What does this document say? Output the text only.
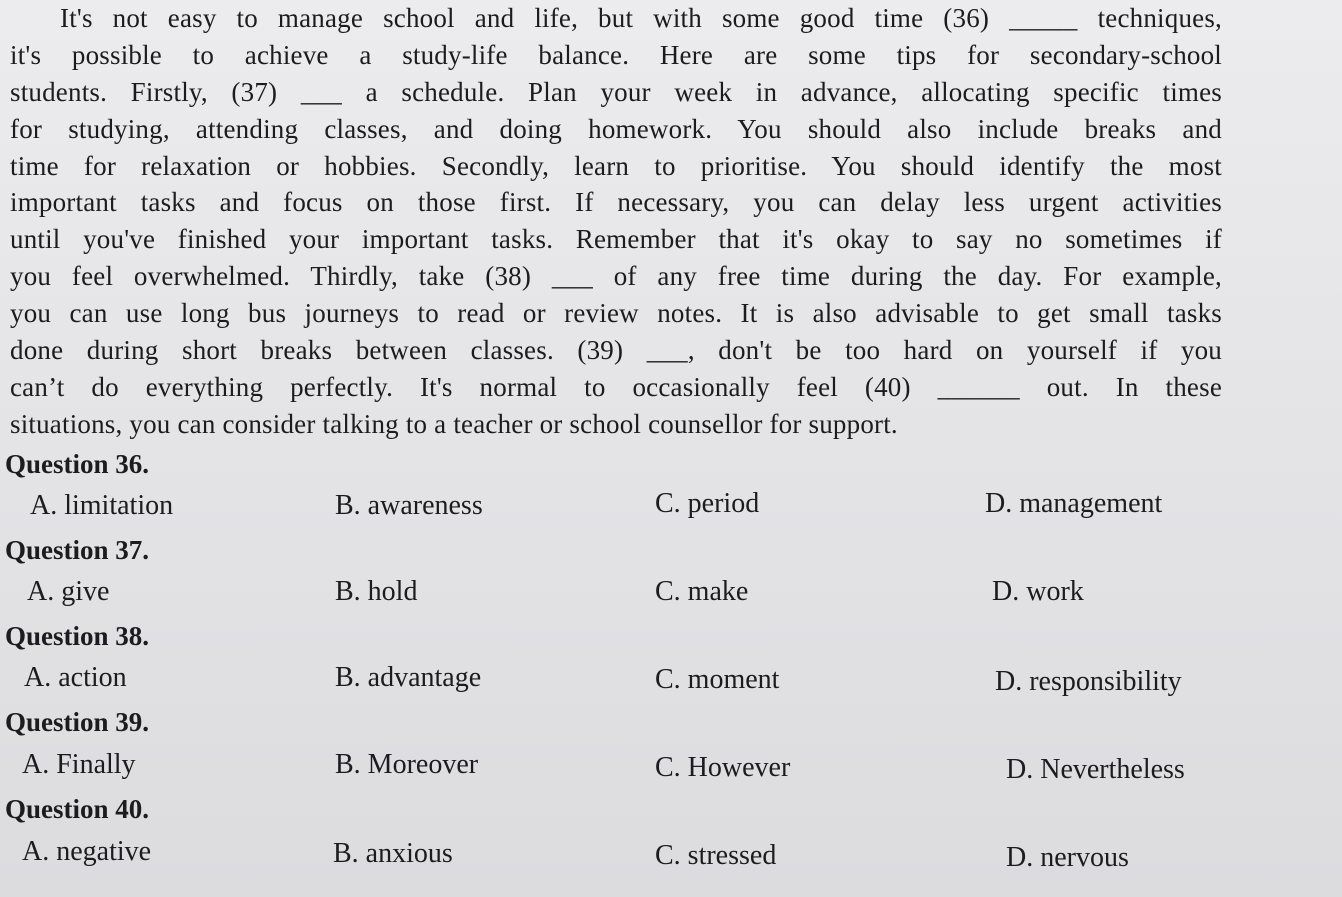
It's not easy to manage school and life, but with some good time (36) _____ techniques,
it's possible to achieve a study-life balance. Here are some tips for secondary-school
students. Firstly, (37) ___ a schedule. Plan your week in advance, allocating specific times
for studying, attending classes, and doing homework. You should also include breaks and
time for relaxation or hobbies. Secondly, learn to prioritise. You should identify the most
important tasks and focus on those first. If necessary, you can delay less urgent activities
until you've finished your important tasks. Remember that it's okay to say no sometimes if
you feel overwhelmed. Thirdly, take (38) ___ of any free time during the day. For example,
you can use long bus journeys to read or review notes. It is also advisable to get small tasks
done during short breaks between classes. (39) ___, don't be too hard on yourself if you
can’t do everything perfectly. It's normal to occasionally feel (40) ______ out. In these
situations, you can consider talking to a teacher or school counsellor for support.
Question 36.
A. limitation	B. awareness	C. period	D. management
Question 37.
A. give	B. hold	C. make	D. work
Question 38.
A. action	B. advantage	C. moment	D. responsibility
Question 39.
A. Finally	B. Moreover	C. However	D. Nevertheless
Question 40.
A. negative	B. anxious	C. stressed	D. nervous
